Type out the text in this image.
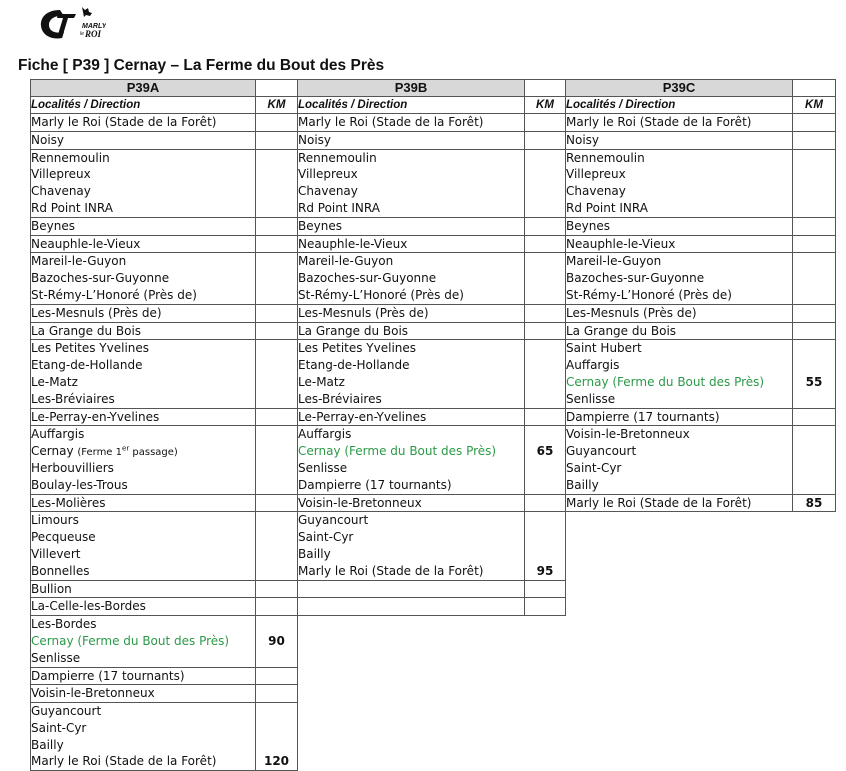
MARLY
le ROI
Fiche [ P39 ] Cernay – La Ferme du Bout des Près
P39A	
Localités / Direction	KM

Marly le Roi (Stade de la Forêt)	

Noisy	

Rennemoulin
Villepreux
Chavenay
Rd Point INRA	

Beynes	

Neauphle-le-Vieux	

Mareil-le-Guyon
Bazoches-sur-Guyonne
St-Rémy-L’Honoré (Près de)	

Les-Mesnuls (Près de)	

La Grange du Bois	

Les Petites Yvelines
Etang-de-Hollande
Le-Matz
Les-Bréviaires	

Le-Perray-en-Yvelines	

Auffargis
Cernay (Ferme 1er passage)
Herbouvilliers
Boulay-les-Trous	

Les-Molières	

Limours
Pecqueuse
Villevert
Bonnelles	

Bullion	

La-Celle-les-Bordes	

Les-Bordes
Cernay (Ferme du Bout des Près)
Senlisse	90

Dampierre (17 tournants)	

Voisin-le-Bretonneux	

Guyancourt
Saint-Cyr
Bailly
Marly le Roi (Stade de la Forêt)	120
P39B	
Localités / Direction	KM

Marly le Roi (Stade de la Forêt)	

Noisy	

Rennemoulin
Villepreux
Chavenay
Rd Point INRA	

Beynes	

Neauphle-le-Vieux	

Mareil-le-Guyon
Bazoches-sur-Guyonne
St-Rémy-L’Honoré (Près de)	

Les-Mesnuls (Près de)	

La Grange du Bois	

Les Petites Yvelines
Etang-de-Hollande
Le-Matz
Les-Bréviaires	

Le-Perray-en-Yvelines	

Auffargis
Cernay (Ferme du Bout des Près)
Senlisse
Dampierre (17 tournants)	65

Voisin-le-Bretonneux	

Guyancourt
Saint-Cyr
Bailly
Marly le Roi (Stade de la Forêt)	95

P39C	
Localités / Direction	KM

Marly le Roi (Stade de la Forêt)	

Noisy	

Rennemoulin
Villepreux
Chavenay
Rd Point INRA	

Beynes	

Neauphle-le-Vieux	

Mareil-le-Guyon
Bazoches-sur-Guyonne
St-Rémy-L’Honoré (Près de)	

Les-Mesnuls (Près de)	

La Grange du Bois	

Saint Hubert
Auffargis
Cernay (Ferme du Bout des Près)
Senlisse	55

Dampierre (17 tournants)	

Voisin-le-Bretonneux
Guyancourt
Saint-Cyr
Bailly	

Marly le Roi (Stade de la Forêt)	85
